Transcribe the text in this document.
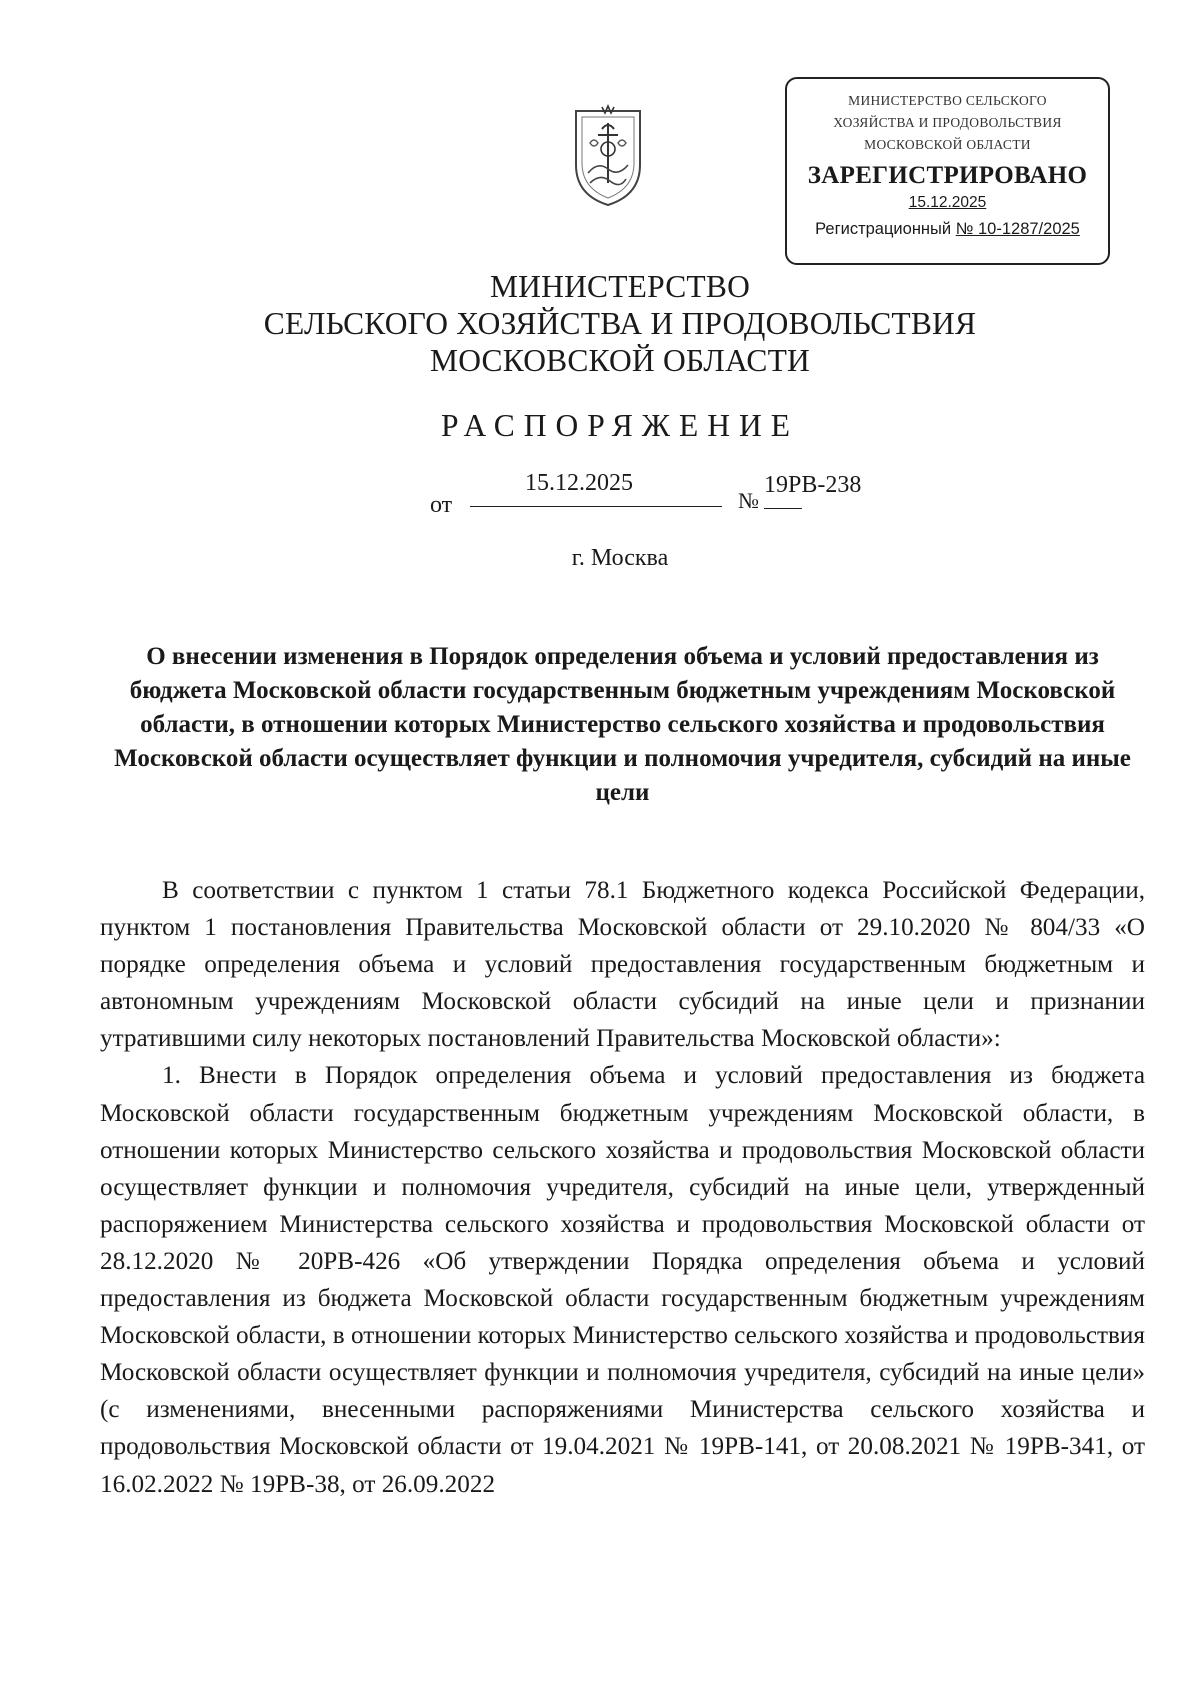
МИНИСТЕРСТВО СЕЛЬСКОГО
ХОЗЯЙСТВА И ПРОДОВОЛЬСТВИЯ
МОСКОВСКОЙ ОБЛАСТИ
ЗАРЕГИСТРИРОВАНО
15.12.2025
Регистрационный № 10-1287/2025
МИНИСТЕРСТВО
СЕЛЬСКОГО ХОЗЯЙСТВА И ПРОДОВОЛЬСТВИЯ
МОСКОВСКОЙ ОБЛАСТИ
РАСПОРЯЖЕНИЕ
от
15.12.2025
№
19РВ-238
г. Москва
О внесении изменения в Порядок определения объема и условий предоставления из бюджета Московской области государственным бюджетным учреждениям Московской области, в отношении которых Министерство сельского хозяйства и продовольствия Московской области осуществляет функции и полномочия учредителя, субсидий на иные цели

В соответствии с пунктом 1 статьи 78.1 Бюджетного кодекса Российской Федерации, пунктом 1 постановления Правительства Московской области от 29.10.2020 № 804/33 «О порядке определения объема и условий предоставления государственным бюджетным и автономным учреждениям Московской области субсидий на иные цели и признании утратившими силу некоторых постановлений Правительства Московской области»:

1. Внести в Порядок определения объема и условий предоставления из бюджета Московской области государственным бюджетным учреждениям Московской области, в отношении которых Министерство сельского хозяйства и продовольствия Московской области осуществляет функции и полномочия учредителя, субсидий на иные цели, утвержденный распоряжением Министерства сельского хозяйства и продовольствия Московской области от 28.12.2020 № 20РВ-426 «Об утверждении Порядка определения объема и условий предоставления из бюджета Московской области государственным бюджетным учреждениям Московской области, в отношении которых Министерство сельского хозяйства и продовольствия Московской области осуществляет функции и полномочия учредителя, субсидий на иные цели» (с изменениями, внесенными распоряжениями Министерства сельского хозяйства и продовольствия Московской области от 19.04.2021 № 19РВ-141, от 20.08.2021 № 19РВ-341, от 16.02.2022 № 19РВ-38, от 26.09.2022
